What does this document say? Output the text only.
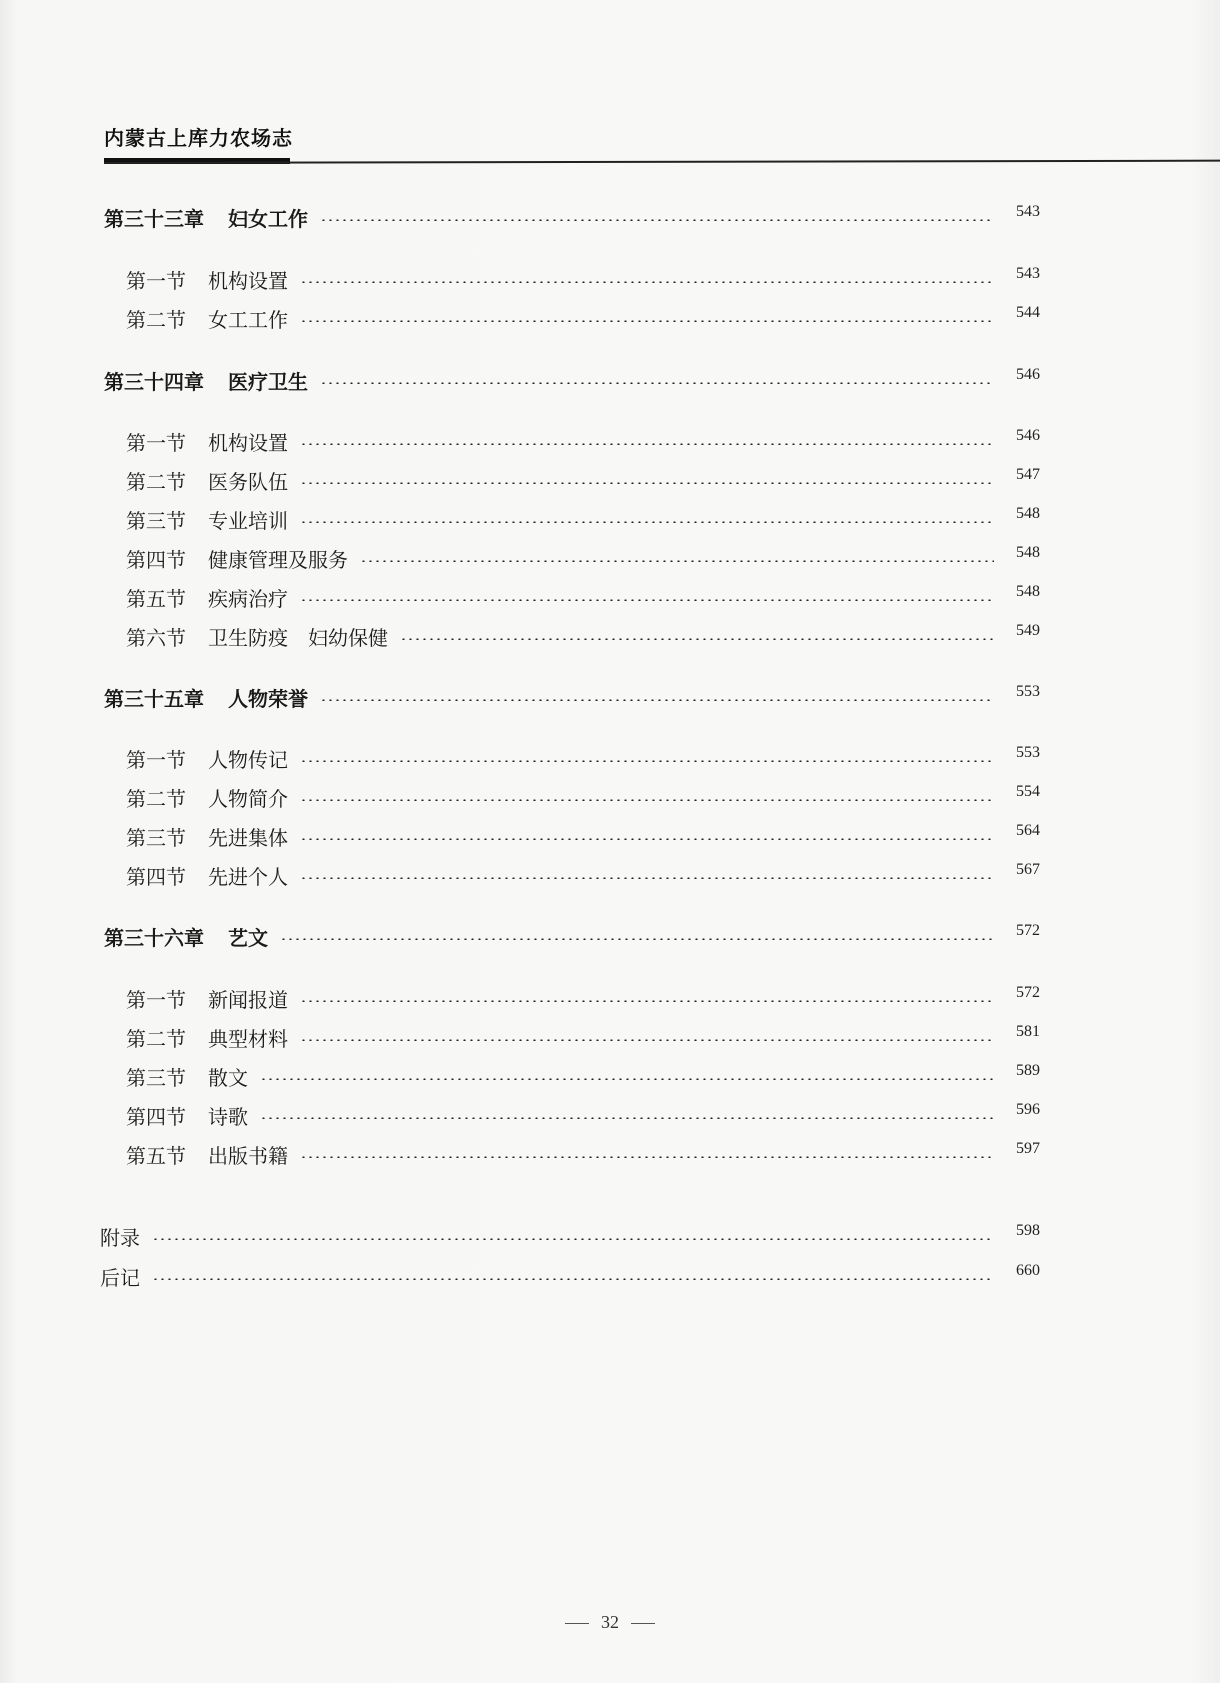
内蒙古上库力农场志
第三十三章 妇女工作	543
第一节 机构设置	543
第二节 女工工作	544
第三十四章 医疗卫生	546
第一节 机构设置	546
第二节 医务队伍	547
第三节 专业培训	548
第四节 健康管理及服务	548
第五节 疾病治疗	548
第六节 卫生防疫 妇幼保健	549
第三十五章 人物荣誉	553
第一节 人物传记	553
第二节 人物简介	554
第三节 先进集体	564
第四节 先进个人	567
第三十六章 艺文	572
第一节 新闻报道	572
第二节 典型材料	581
第三节 散文	589
第四节 诗歌	596
第五节 出版书籍	597
附录	598
后记	660
32
